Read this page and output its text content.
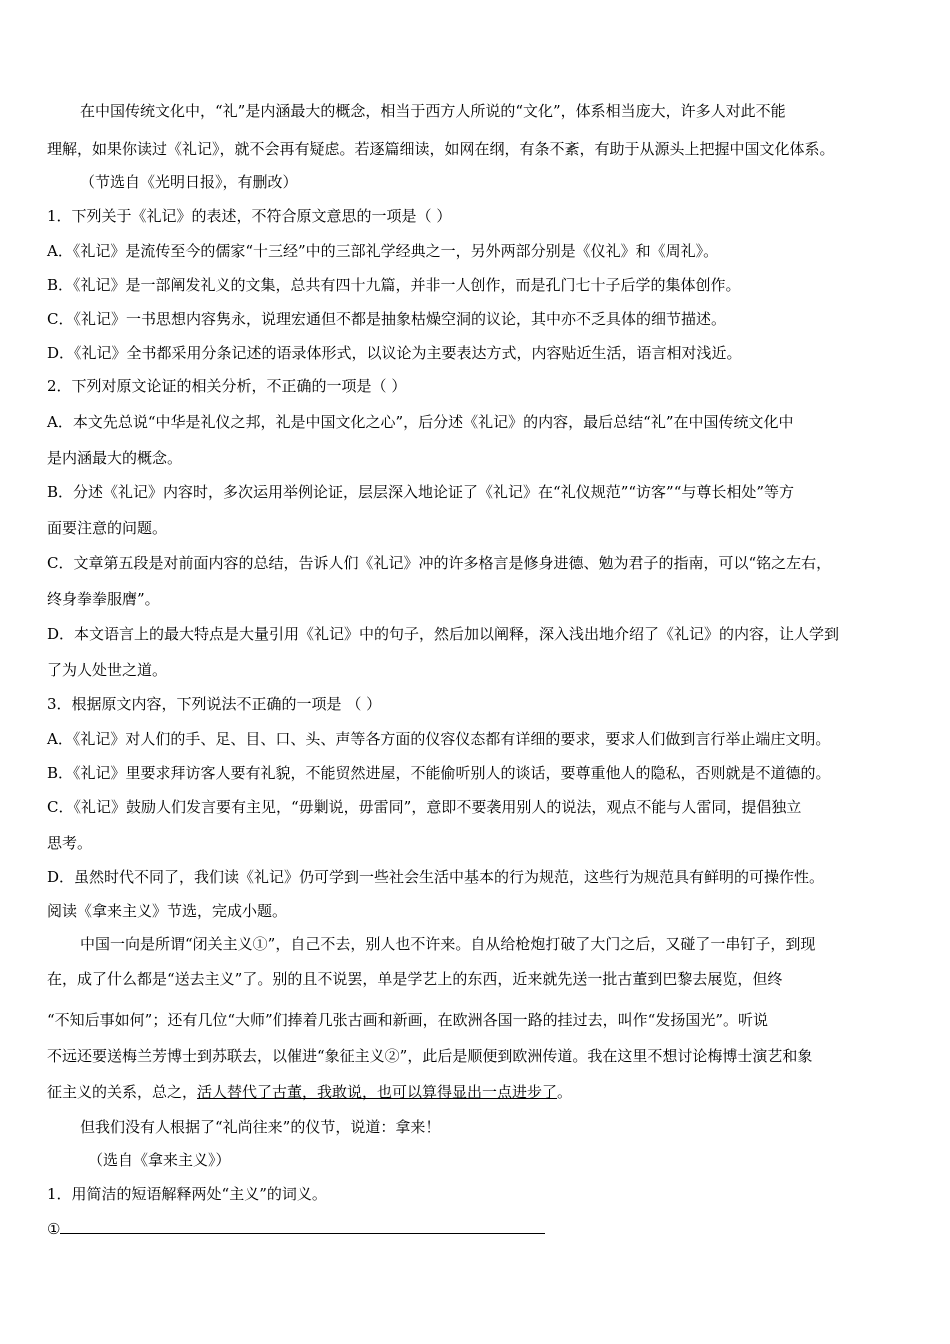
在中国传统文化中，“礼”是内涵最大的概念，相当于西方人所说的“文化”，体系相当庞大，许多人对此不能
理解，如果你读过《礼记》，就不会再有疑虑。若逐篇细读，如网在纲，有条不紊，有助于从源头上把握中国文化体系。
（节选自《光明日报》，有删改）
1．下列关于《礼记》的表述，不符合原文意思的一项是（ ）
A．《礼记》是流传至今的儒家“十三经”中的三部礼学经典之一，另外两部分别是《仪礼》和《周礼》。
B．《礼记》是一部阐发礼义的文集，总共有四十九篇，并非一人创作，而是孔门七十子后学的集体创作。
C．《礼记》一书思想内容隽永，说理宏通但不都是抽象枯燥空洞的议论，其中亦不乏具体的细节描述。
D．《礼记》全书都采用分条记述的语录体形式，以议论为主要表达方式，内容贴近生活，语言相对浅近。
2．下列对原文论证的相关分析，不正确的一项是（ ）
A．本文先总说“中华是礼仪之邦，礼是中国文化之心”，后分述《礼记》的内容，最后总结“礼”在中国传统文化中
是内涵最大的概念。
B．分述《礼记》内容时，多次运用举例论证，层层深入地论证了《礼记》在“礼仪规范”“访客”“与尊长相处”等方
面要注意的问题。
C．文章第五段是对前面内容的总结，告诉人们《礼记》冲的许多格言是修身进德、勉为君子的指南，可以“铭之左右，
终身拳拳服膺”。
D．本文语言上的最大特点是大量引用《礼记》中的句子，然后加以阐释，深入浅出地介绍了《礼记》的内容，让人学到
了为人处世之道。
3．根据原文内容，下列说法不正确的一项是 （ ）
A．《礼记》对人们的手、足、目、口、头、声等各方面的仪容仪态都有详细的要求，要求人们做到言行举止端庄文明。
B．《礼记》里要求拜访客人要有礼貌，不能贸然进屋，不能偷听别人的谈话，要尊重他人的隐私，否则就是不道德的。
C．《礼记》鼓励人们发言要有主见，“毋剿说，毋雷同”，意即不要袭用别人的说法，观点不能与人雷同，提倡独立
思考。
D．虽然时代不同了，我们读《礼记》仍可学到一些社会生活中基本的行为规范，这些行为规范具有鲜明的可操作性。
阅读《拿来主义》节选，完成小题。
中国一向是所谓“闭关主义①”，自己不去，别人也不许来。自从给枪炮打破了大门之后，又碰了一串钉子，到现
在，成了什么都是“送去主义”了。别的且不说罢，单是学艺上的东西，近来就先送一批古董到巴黎去展览，但终
“不知后事如何”；还有几位“大师”们捧着几张古画和新画，在欧洲各国一路的挂过去，叫作“发扬国光”。听说
不远还要送梅兰芳博士到苏联去，以催进“象征主义②”，此后是顺便到欧洲传道。我在这里不想讨论梅博士演艺和象
征主义的关系，总之，活人替代了古董，我敢说，也可以算得显出一点进步了。
但我们没有人根据了“礼尚往来”的仪节，说道：拿来！
（选自《拿来主义》）
1．用简洁的短语解释两处“主义”的词义。
①
